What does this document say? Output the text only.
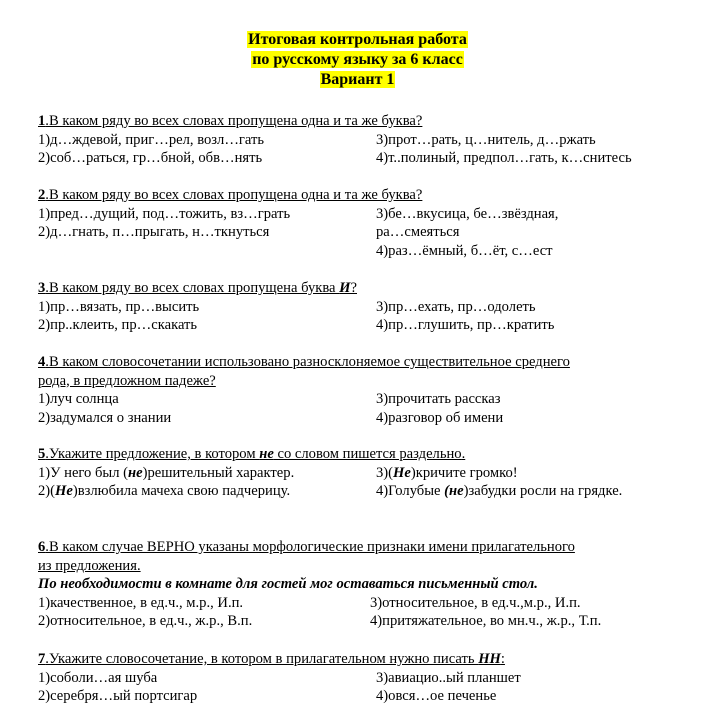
Итоговая контрольная работа
по русскому языку за 6 класс
Вариант 1
1.В каком ряду во всех словах пропущена одна и та же буква?
1)д…ждевой, приг…рел, возл…гать	3)прот…рать, ц…нитель, д…ржать
2)соб…раться, гр…бной, обв…нять	4)т..полиный, предпол…гать, к…снитесь
2.В каком ряду во всех словах пропущена одна и та же буква?
1)пред…дущий, под…тожить, вз…грать	3)бе…вкусица, бе…звёздная,
2)д…гнать, п…прыгать, н…ткнуться	ра…смеяться
4)раз…ёмный, б…ёт, с…ест
3.В каком ряду во всех словах пропущена буква И?
1)пр…вязать, пр…высить	3)пр…ехать, пр…одолеть
2)пр..клеить, пр…скакать	4)пр…глушить, пр…кратить
4.В каком словосочетании использовано разносклоняемое существительное среднего
рода, в предложном падеже?
1)луч солнца	3)прочитать рассказ
2)задумался о знании	4)разговор об имени
5.Укажите предложение, в котором не со словом пишется раздельно.
1)У него был (не)решительный характер.	3)(Не)кричите громко!
2)(Не)взлюбила мачеха свою падчерицу.	4)Голубые (не)забудки росли на грядке.
6.В каком случае ВЕРНО указаны морфологические признаки имени прилагательного
из предложения.
По необходимости в комнате для гостей мог оставаться письменный стол.
1)качественное, в ед.ч., м.р., И.п.	3)относительное, в ед.ч.,м.р., И.п.
2)относительное, в ед.ч., ж.р., В.п.	4)притяжательное, во мн.ч., ж.р., Т.п.
7.Укажите словосочетание, в котором в прилагательном нужно писать НН:
1)соболи…ая шуба	3)авиацио..ый планшет
2)серебря…ый портсигар	4)овся…ое печенье
